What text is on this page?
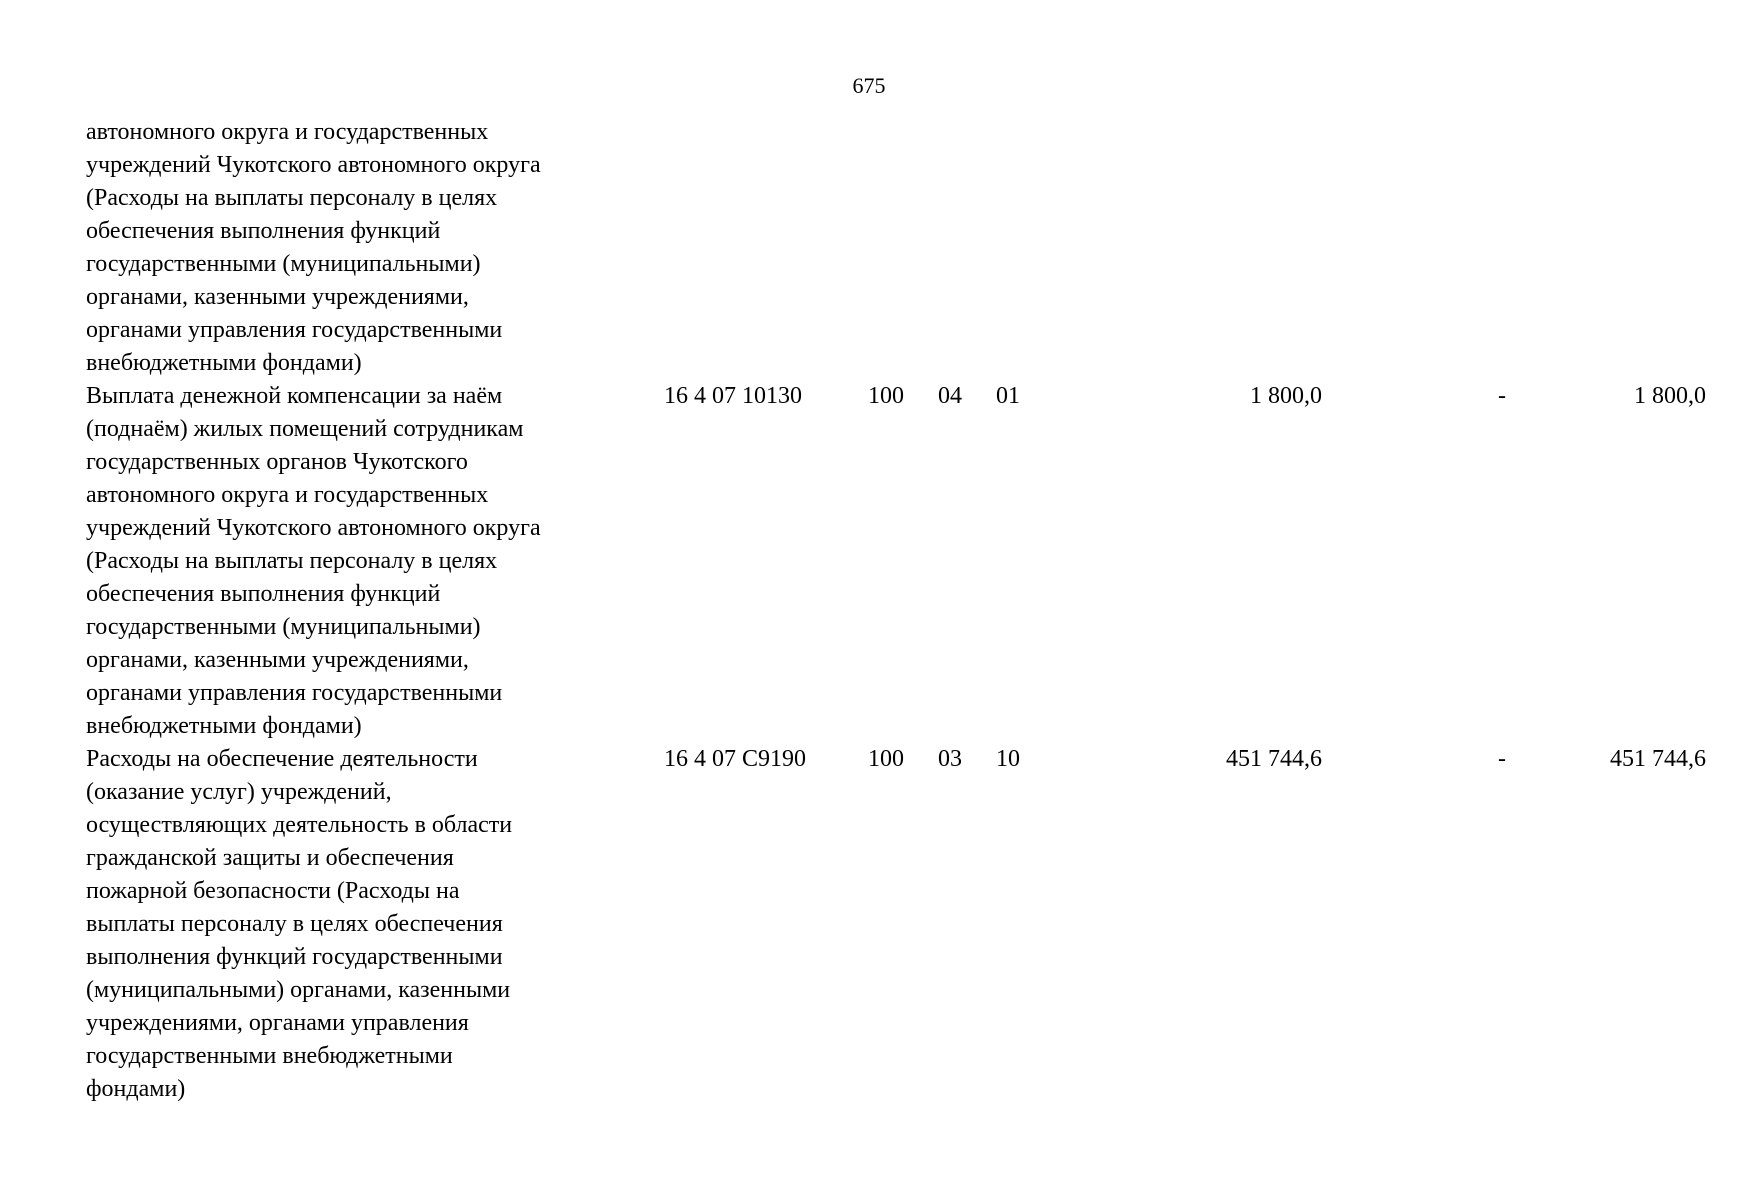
675
автономного округа и государственных
учреждений Чукотского автономного округа
(Расходы на выплаты персоналу в целях
обеспечения выполнения функций
государственными (муниципальными)
органами, казенными учреждениями,
органами управления государственными
внебюджетными фондами)
Выплата денежной компенсации за наём
(поднаём) жилых помещений сотрудникам
государственных органов Чукотского
автономного округа и государственных
учреждений Чукотского автономного округа
(Расходы на выплаты персоналу в целях
обеспечения выполнения функций
государственными (муниципальными)
органами, казенными учреждениями,
органами управления государственными
внебюджетными фондами)
16 4 07 10130	100 04 01	1 800,0	-	1 800,0
Расходы на обеспечение деятельности
(оказание услуг) учреждений,
осуществляющих деятельность в области
гражданской защиты и обеспечения
пожарной безопасности (Расходы на
выплаты персоналу в целях обеспечения
выполнения функций государственными
(муниципальными) органами, казенными
учреждениями, органами управления
государственными внебюджетными
фондами)
16 4 07 С9190	100 03 10	451 744,6	-	451 744,6
